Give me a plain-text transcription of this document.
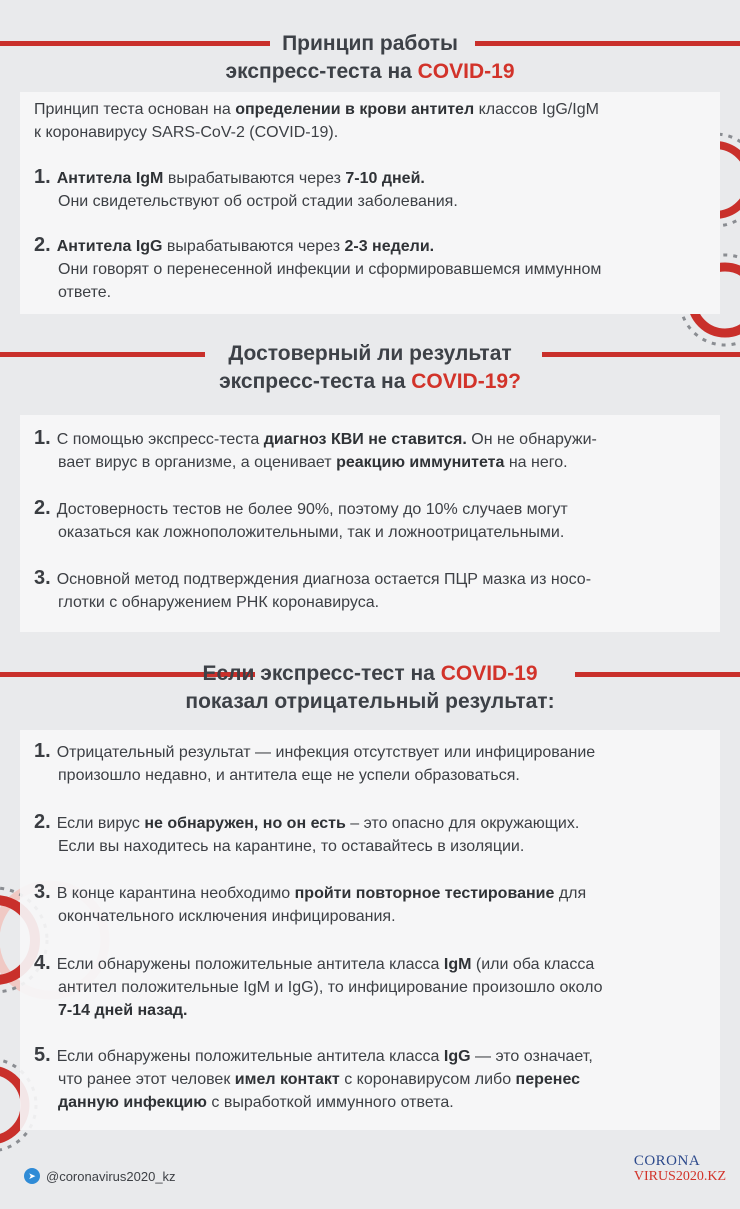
Принцип работы
экспресс-теста на COVID-19
Принцип теста основан на определении в крови антител классов IgG/IgM
к коронавирусу SARS-CoV-2 (COVID-19).
1. Антитела IgM вырабатываются через 7-10 дней.
Они свидетельствуют об острой стадии заболевания.
2. Антитела IgG вырабатываются через 2-3 недели.
Они говорят о перенесенной инфекции и сформировавшемся иммунном
ответе.
Достоверный ли результат
экспресс-теста на COVID-19?
1. С помощью экспресс-теста диагноз КВИ не ставится. Он не обнаружи-
вает вирус в организме, а оценивает реакцию иммунитета на него.
2. Достоверность тестов не более 90%, поэтому до 10% случаев могут
оказаться как ложноположительными, так и ложноотрицательными.
3. Основной метод подтверждения диагноза остается ПЦР мазка из носо-
глотки с обнаружением РНК коронавируса.
Если экспресс-тест на COVID-19
показал отрицательный результат:
1. Отрицательный результат — инфекция отсутствует или инфицирование
произошло недавно, и антитела еще не успели образоваться.
2. Если вирус не обнаружен, но он есть – это опасно для окружающих.
Если вы находитесь на карантине, то оставайтесь в изоляции.
3. В конце карантина необходимо пройти повторное тестирование для
окончательного исключения инфицирования.
4. Если обнаружены положительные антитела класса IgM (или оба класса
антител положительные IgM и IgG), то инфицирование произошло около
7-14 дней назад.
5. Если обнаружены положительные антитела класса IgG — это означает,
что ранее этот человек имел контакт с коронавирусом либо перенес
данную инфекцию с выработкой иммунного ответа.
➤ @coronavirus2020_kz
CORONA
VIRUS2020.KZ
